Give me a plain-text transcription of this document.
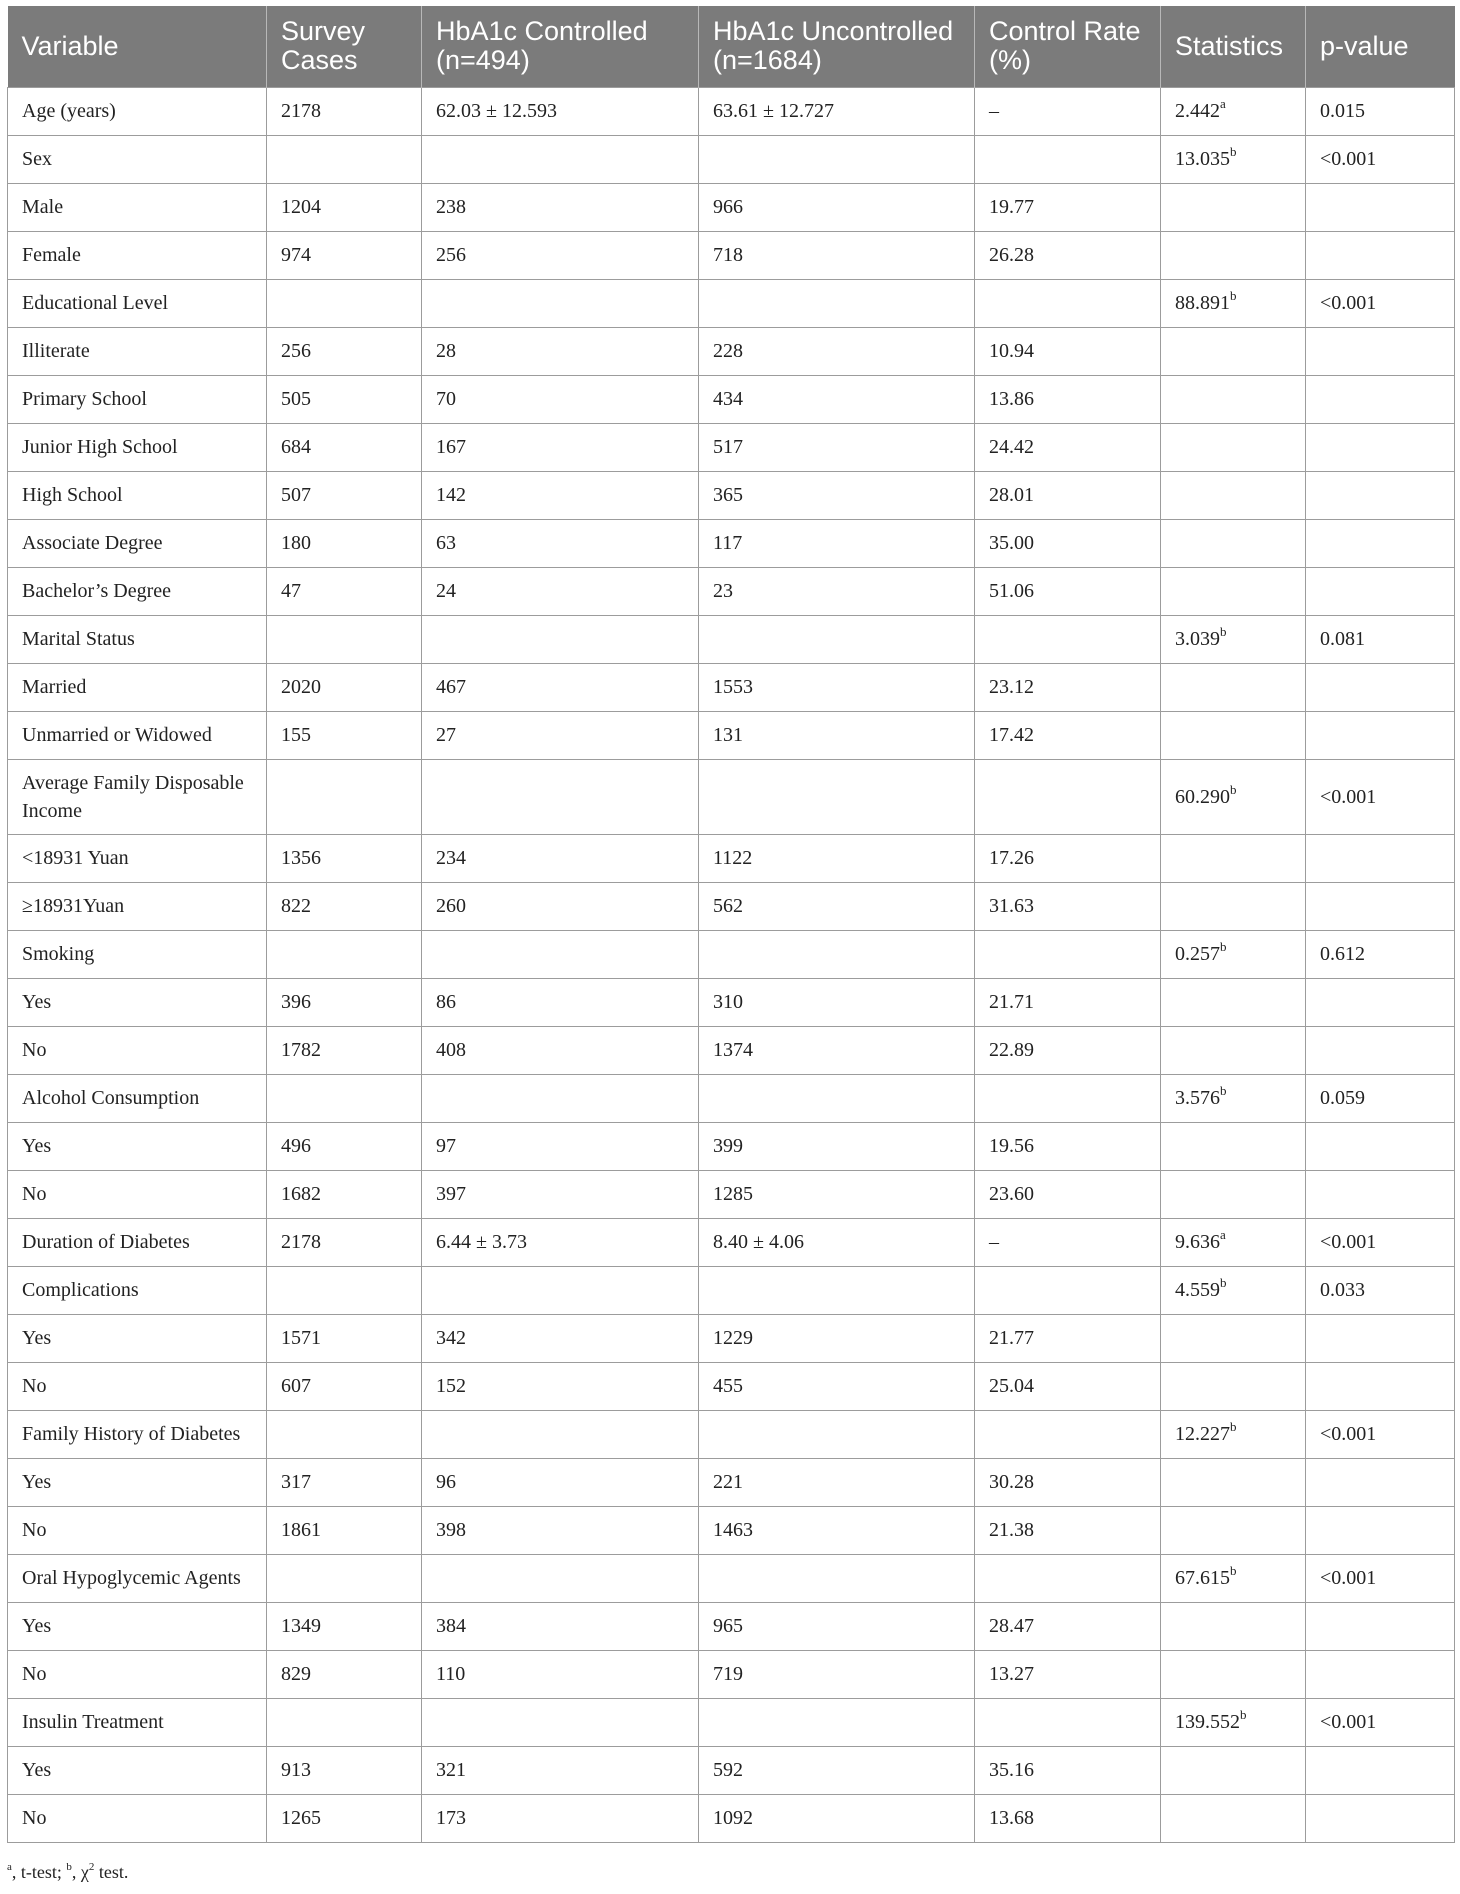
Variable	Survey Cases	HbA1c Controlled (n=494)	HbA1c Uncontrolled (n=1684)	Control Rate (%)	Statistics	p-value
Age (years)	2178	62.03 ± 12.593	63.61 ± 12.727	–	2.442$^a$	0.015
Sex					13.035$^b$	<0.001
Male	1204	238	966	19.77		
Female	974	256	718	26.28		
Educational Level					88.891$^b$	<0.001
Illiterate	256	28	228	10.94		
Primary School	505	70	434	13.86		
Junior High School	684	167	517	24.42		
High School	507	142	365	28.01		
Associate Degree	180	63	117	35.00		
Bachelor’s Degree	47	24	23	51.06		
Marital Status					3.039$^b$	0.081
Married	2020	467	1553	23.12		
Unmarried or Widowed	155	27	131	17.42		
Average Family Disposable Income					60.290$^b$	<0.001
<18931 Yuan	1356	234	1122	17.26		
≥18931Yuan	822	260	562	31.63		
Smoking					0.257$^b$	0.612
Yes	396	86	310	21.71		
No	1782	408	1374	22.89		
Alcohol Consumption					3.576$^b$	0.059
Yes	496	97	399	19.56		
No	1682	397	1285	23.60		
Duration of Diabetes	2178	6.44 ± 3.73	8.40 ± 4.06	–	9.636$^a$	<0.001
Complications					4.559$^b$	0.033
Yes	1571	342	1229	21.77		
No	607	152	455	25.04		
Family History of Diabetes					12.227$^b$	<0.001
Yes	317	96	221	30.28		
No	1861	398	1463	21.38		
Oral Hypoglycemic Agents					67.615$^b$	<0.001
Yes	1349	384	965	28.47		
No	829	110	719	13.27		
Insulin Treatment					139.552$^b$	<0.001
Yes	913	321	592	35.16		
No	1265	173	1092	13.68		
$^a$, t-test; $^b$, $\chi^2$ test.
